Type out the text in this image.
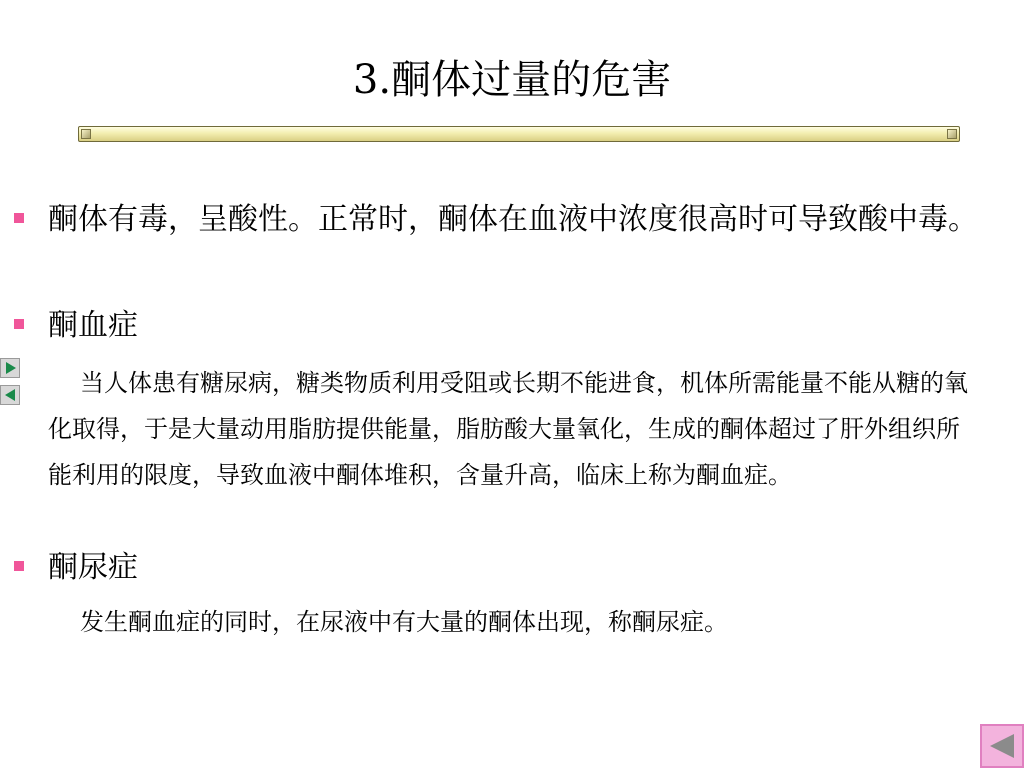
3.酮体过量的危害

酮体有毒，呈酸性。正常时，酮体在血液中浓度很高时可导致酸中毒。

酮血症

当人体患有糖尿病，糖类物质利用受阻或长期不能进食，机体所需能量不能从糖的氧化取得，于是大量动用脂肪提供能量，脂肪酸大量氧化，生成的酮体超过了肝外组织所能利用的限度，导致血液中酮体堆积，含量升高，临床上称为酮血症。

酮尿症

发生酮血症的同时，在尿液中有大量的酮体出现，称酮尿症。
